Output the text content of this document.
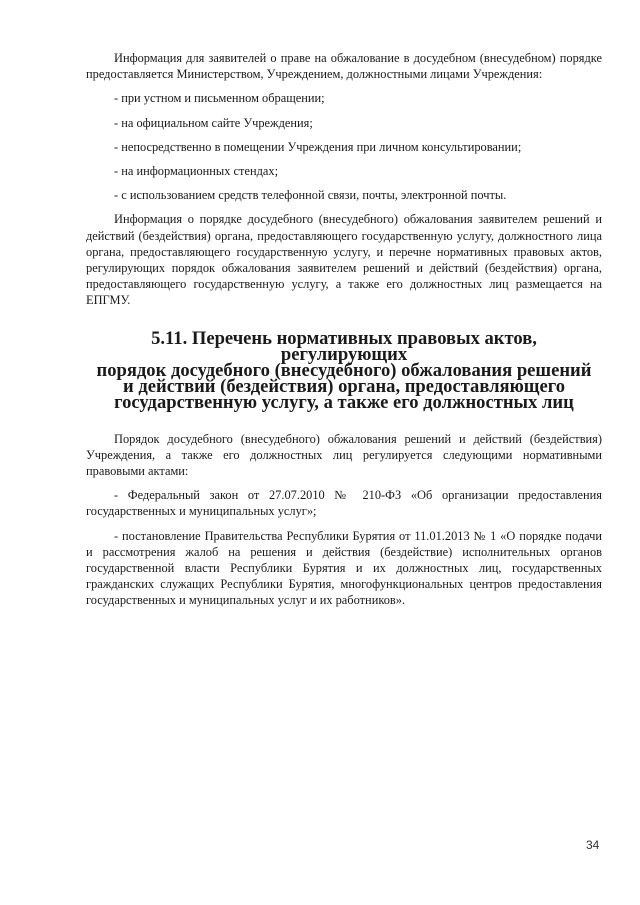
Информация для заявителей о праве на обжалование в досудебном (внесудебном) порядке предоставляется Министерством, Учреждением, должностными лицами Учреждения:

- при устном и письменном обращении;

- на официальном сайте Учреждения;

- непосредственно в помещении Учреждения при личном консультировании;

- на информационных стендах;

- с использованием средств телефонной связи, почты, электронной почты.

Информация о порядке досудебного (внесудебного) обжалования заявителем решений и действий (бездействия) органа, предоставляющего государственную услугу, должностного лица органа, предоставляющего государственную услугу, и перечне нормативных правовых актов, регулирующих порядок обжалования заявителем решений и действий (бездействия) органа, предоставляющего государственную услугу, а также его должностных лиц размещается на ЕПГМУ.

5.11. Перечень нормативных правовых актов, регулирующих
порядок досудебного (внесудебного) обжалования решений
и действий (бездействия) органа, предоставляющего
государственную услугу, а также его должностных лиц

Порядок досудебного (внесудебного) обжалования решений и действий (бездействия) Учреждения, а также его должностных лиц регулируется следующими нормативными правовыми актами:

- Федеральный закон от 27.07.2010 № 210-ФЗ «Об организации предоставления государственных и муниципальных услуг»;

- постановление Правительства Республики Бурятия от 11.01.2013 № 1 «О порядке подачи и рассмотрения жалоб на решения и действия (бездействие) исполнительных органов государственной власти Республики Бурятия и их должностных лиц, государственных гражданских служащих Республики Бурятия, многофункциональных центров предоставления государственных и муниципальных услуг и их работников».

34
